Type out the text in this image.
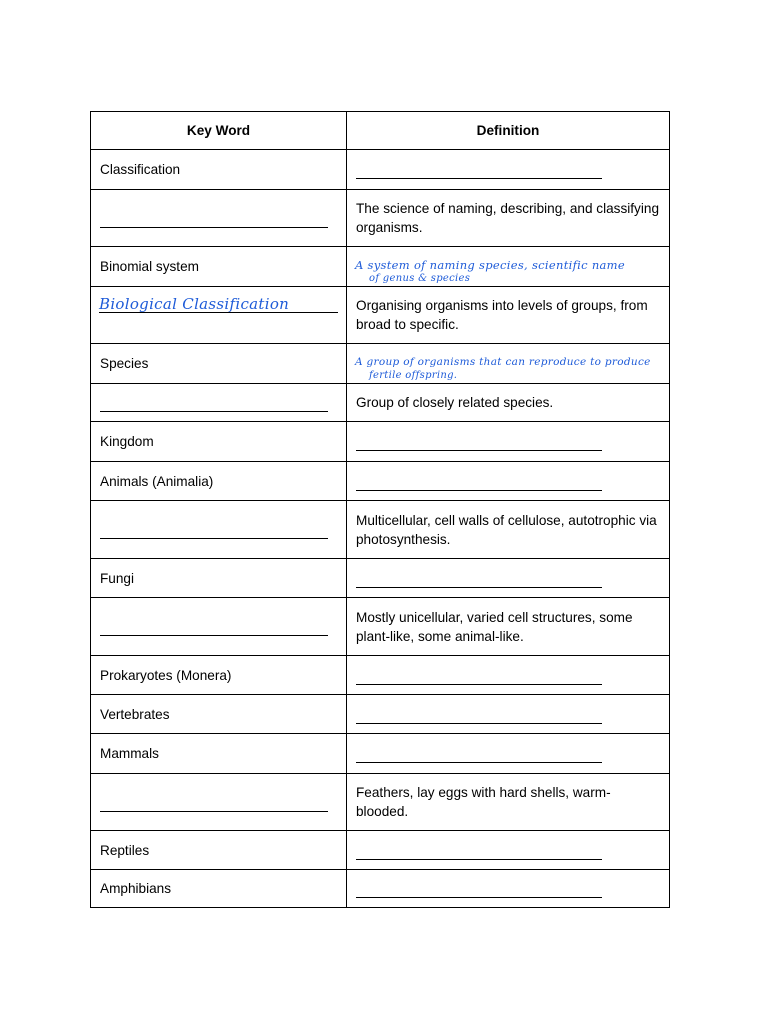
Key Word	Definition
Classification	

	The science of naming, describing, and classifying organisms.
Binomial system	A system of naming species, scientific name
of genus & species

Biological Classification	Organising organisms into levels of groups, from broad to specific.
Species	A group of organisms that can reproduce to produce
fertile offspring.

	Group of closely related species.
Kingdom	

Animals (Animalia)	

	Multicellular, cell walls of cellulose, autotrophic via photosynthesis.
Fungi	

	Mostly unicellular, varied cell structures, some plant-like, some animal-like.
Prokaryotes (Monera)	

Vertebrates	

Mammals	

	Feathers, lay eggs with hard shells, warm-blooded.
Reptiles	

Amphibians	
